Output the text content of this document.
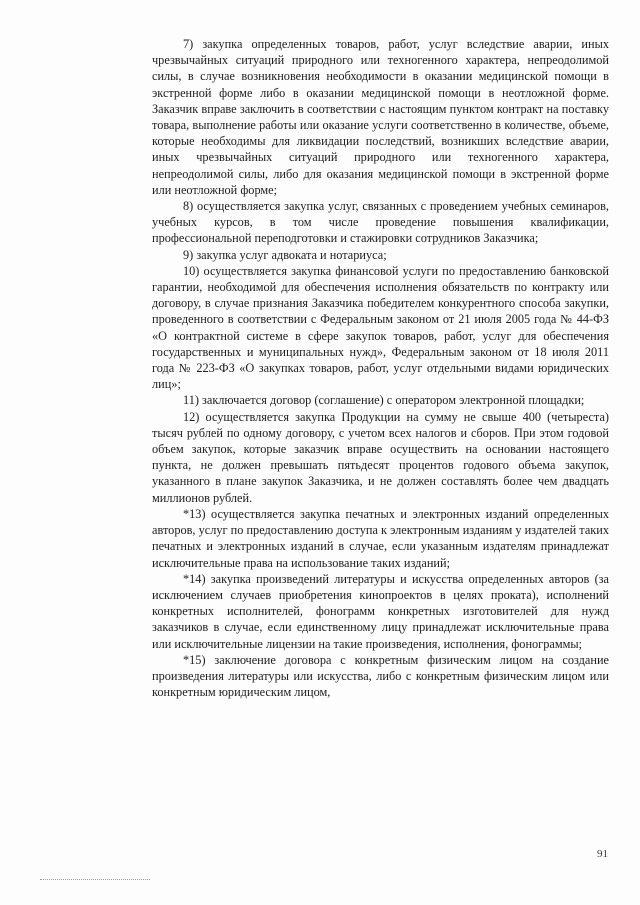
7) закупка определенных товаров, работ, услуг вследствие аварии, иных чрезвычайных ситуаций природного или техногенного характера, непреодолимой силы, в случае возникновения необходимости в оказании медицинской помощи в экстренной форме либо в оказании медицинской помощи в неотложной форме. Заказчик вправе заключить в соответствии с настоящим пунктом контракт на поставку товара, выполнение работы или оказание услуги соответственно в количестве, объеме, которые необходимы для ликвидации последствий, возникших вследствие аварии, иных чрезвычайных ситуаций природного или техногенного характера, непреодолимой силы, либо для оказания медицинской помощи в экстренной форме или неотложной форме;

8) осуществляется закупка услуг, связанных с проведением учебных семинаров, учебных курсов, в том числе проведение повышения квалификации, профессиональной переподготовки и стажировки сотрудников Заказчика;

9) закупка услуг адвоката и нотариуса;

10) осуществляется закупка финансовой услуги по предоставлению банковской гарантии, необходимой для обеспечения исполнения обязательств по контракту или договору, в случае признания Заказчика победителем конкурентного способа закупки, проведенного в соответствии с Федеральным законом от 21 июля 2005 года № 44-ФЗ «О контрактной системе в сфере закупок товаров, работ, услуг для обеспечения государственных и муниципальных нужд», Федеральным законом от 18 июля 2011 года № 223-ФЗ «О закупках товаров, работ, услуг отдельными видами юридических лиц»;

11) заключается договор (соглашение) с оператором электронной площадки;

12) осуществляется закупка Продукции на сумму не свыше 400 (четыреста) тысяч рублей по одному договору, с учетом всех налогов и сборов. При этом годовой объем закупок, которые заказчик вправе осуществить на основании настоящего пункта, не должен превышать пятьдесят процентов годового объема закупок, указанного в плане закупок Заказчика, и не должен составлять более чем двадцать миллионов рублей.

*13) осуществляется закупка печатных и электронных изданий определенных авторов, услуг по предоставлению доступа к электронным изданиям у издателей таких печатных и электронных изданий в случае, если указанным издателям принадлежат исключительные права на использование таких изданий;

*14) закупка произведений литературы и искусства определенных авторов (за исключением случаев приобретения кинопроектов в целях проката), исполнений конкретных исполнителей, фонограмм конкретных изготовителей для нужд заказчиков в случае, если единственному лицу принадлежат исключительные права или исключительные лицензии на такие произведения, исполнения, фонограммы;

*15) заключение договора с конкретным физическим лицом на создание произведения литературы или искусства, либо с конкретным физическим лицом или конкретным юридическим лицом,

91
